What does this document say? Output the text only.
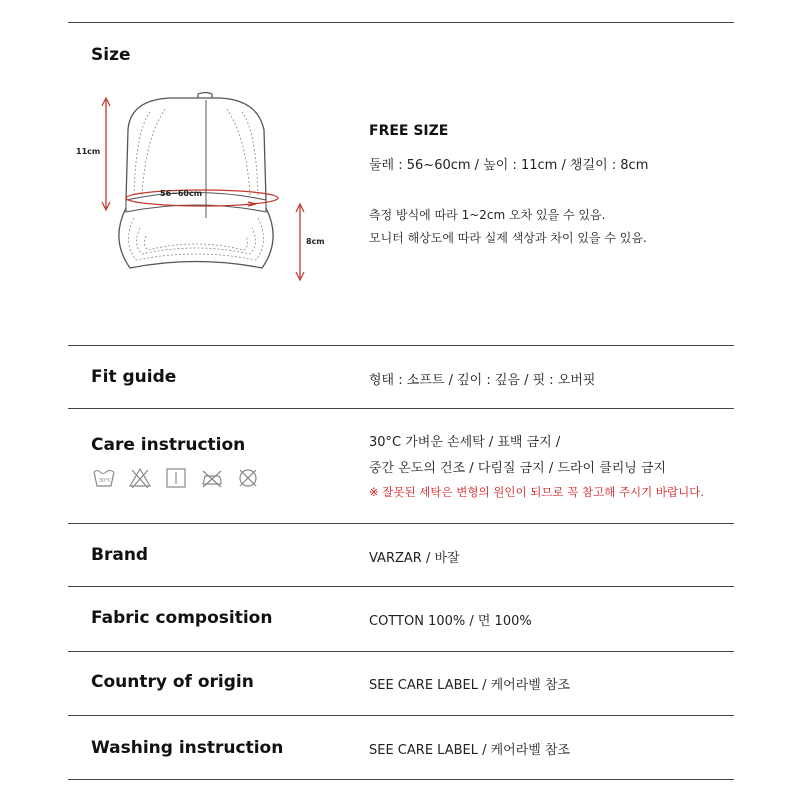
Size
11cm
56~60cm
8cm
FREE SIZE
둘레 : 56~60cm / 높이 : 11cm / 챙길이 : 8cm
측정 방식에 따라 1~2cm 오차 있을 수 있음.
모니터 해상도에 따라 실제 색상과 차이 있을 수 있음.
Fit guide	형태 : 소프트 / 깊이 : 깊음 / 핏 : 오버핏
Care instruction	30°C 가벼운 손세탁 / 표백 금지 /
중간 온도의 건조 / 다림질 금지 / 드라이 클리닝 금지
※ 잘못된 세탁은 변형의 원인이 되므로 꼭 참고해 주시기 바랍니다.
30°C
Brand	VARZAR / 바잘
Fabric composition	COTTON 100% / 면 100%
Country of origin	SEE CARE LABEL / 케어라벨 참조
Washing instruction	SEE CARE LABEL / 케어라벨 참조
